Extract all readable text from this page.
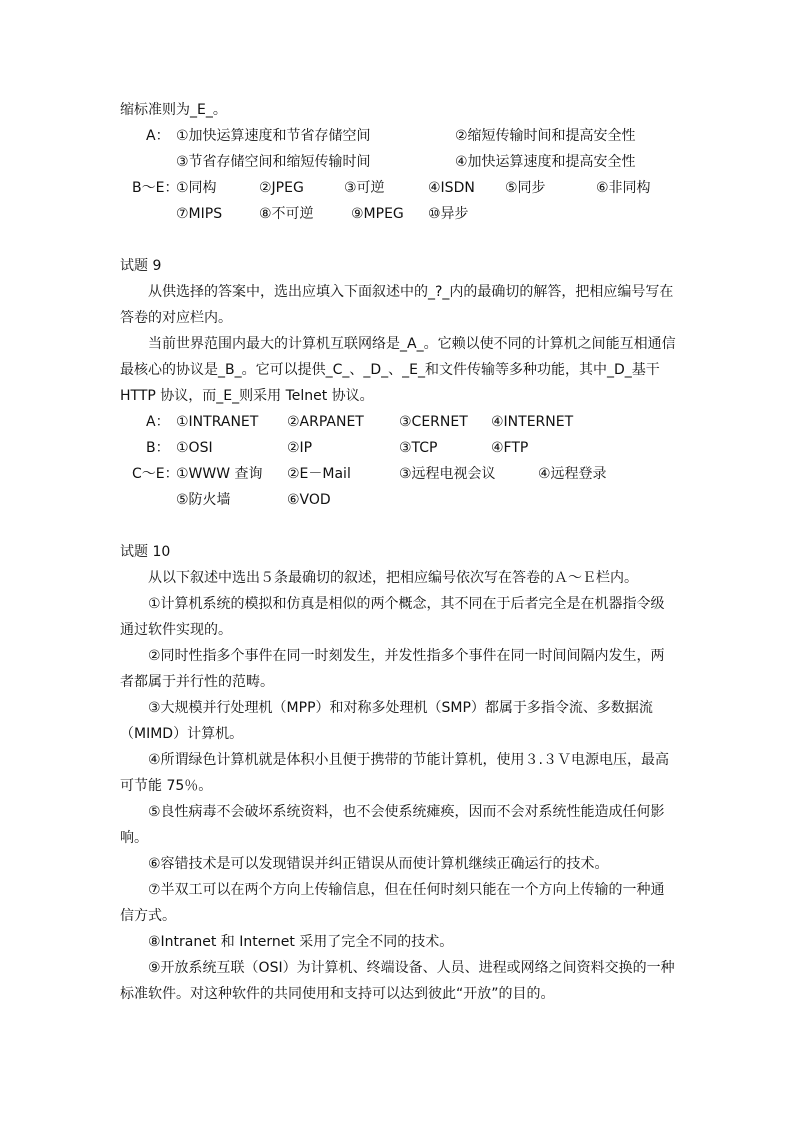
缩标准则为_E_。
A： ①加快运算速度和节省存储空间	②缩短传输时间和提高安全性
③节省存储空间和缩短传输时间	④加快运算速度和提高安全性
B～E：
①同构	②JPEG	③可逆	④ISDN ⑤同步	⑥非同构
⑦MIPS	⑧不可逆	⑨MPEG ⑩异步
试题 9
从供选择的答案中，选出应填入下面叙述中的_?_内的最确切的解答，把相应编号写在
答卷的对应栏内。
当前世界范围内最大的计算机互联网络是_A_。它赖以使不同的计算机之间能互相通信
最核心的协议是_B_。它可以提供_C_、_D_、_E_和文件传输等多种功能，其中_D_基干
HTTP 协议，而_E_则采用 Telnet 协议。
A： ①INTRANET ②ARPANET	③CERNET ④INTERNET
B： ①OSI	②IP	③TCP	④FTP
C～E：
①WWW 查询 ②E－Mail	③远程电视会议	④远程登录
⑤防火墙	⑥VOD
试题 10
从以下叙述中选出５条最确切的叙述，把相应编号依次写在答卷的Ａ～Ｅ栏内。
①计算机系统的模拟和仿真是相似的两个概念，其不同在于后者完全是在机器指令级
通过软件实现的。
②同时性指多个事件在同一时刻发生，并发性指多个事件在同一时间间隔内发生，两
者都属于并行性的范畴。
③大规模并行处理机（MPP）和对称多处理机（SMP）都属于多指令流、多数据流
（MIMD）计算机。
④所谓绿色计算机就是体积小且便于携带的节能计算机，使用３.３Ｖ电源电压，最高
可节能 75％。
⑤良性病毒不会破坏系统资料，也不会使系统瘫痪，因而不会对系统性能造成任何影
响。
⑥容错技术是可以发现错误并纠正错误从而使计算机继续正确运行的技术。
⑦半双工可以在两个方向上传输信息，但在任何时刻只能在一个方向上传输的一种通
信方式。
⑧Intranet 和 Internet 采用了完全不同的技术。
⑨开放系统互联（OSI）为计算机、终端设备、人员、进程或网络之间资料交换的一种
标准软件。对这种软件的共同使用和支持可以达到彼此“开放”的目的。
